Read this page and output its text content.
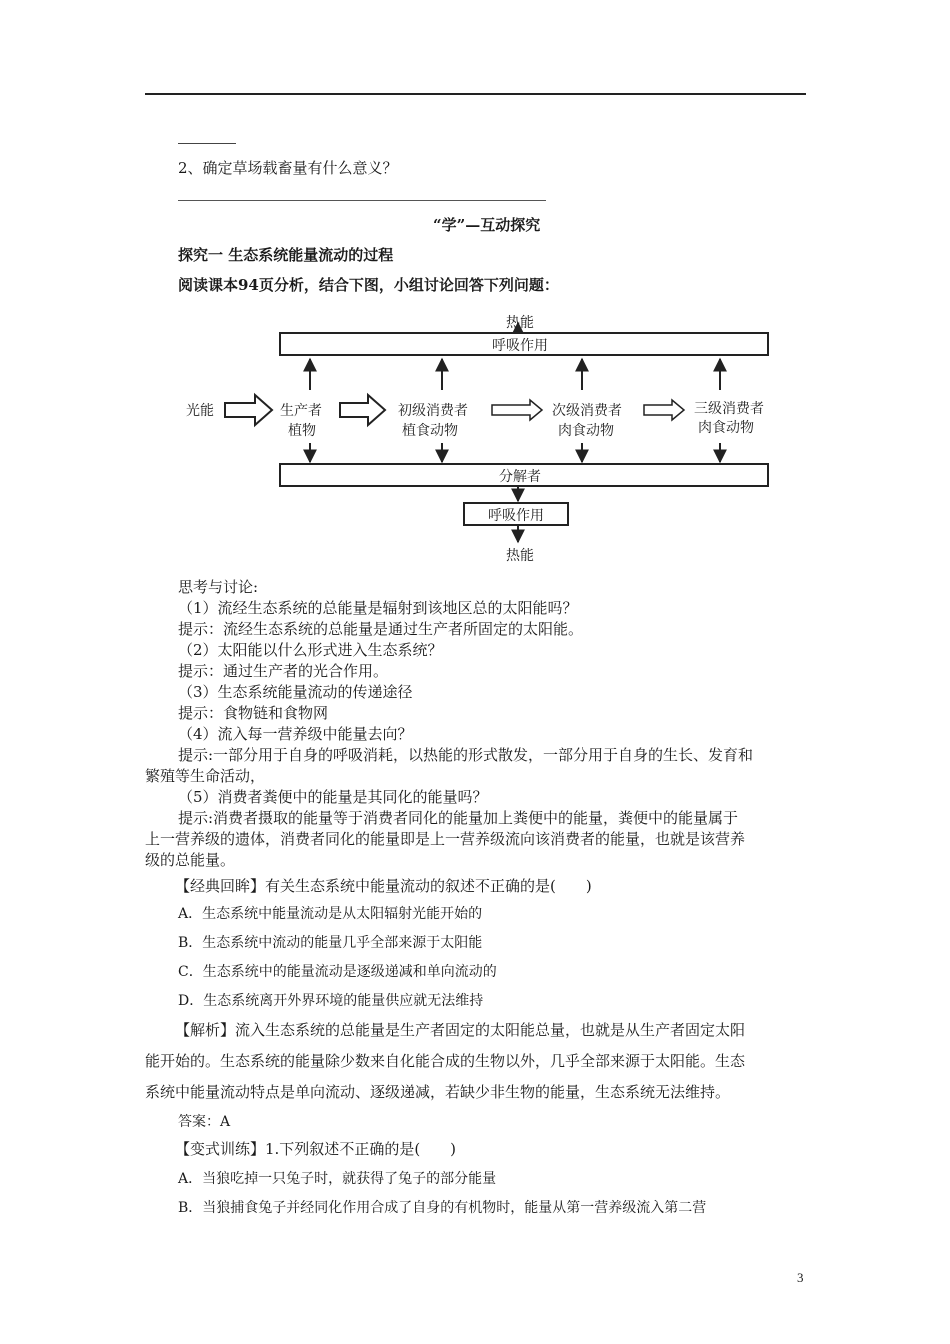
2、确定草场载畜量有什么意义？
“学”—互动探究
探究一 生态系统能量流动的过程
阅读课本94页分析，结合下图，小组讨论回答下列问题：
热能
呼吸作用
光能	生产者
植物
初级消费者
植食动物
次级消费者
肉食动物
三级消费者
肉食动物
分解者
呼吸作用
热能
思考与讨论:
（1）流经生态系统的总能量是辐射到该地区总的太阳能吗？
提示：流经生态系统的总能量是通过生产者所固定的太阳能。
（2）太阳能以什么形式进入生态系统？
提示：通过生产者的光合作用。
（3）生态系统能量流动的传递途径
提示：食物链和食物网
（4）流入每一营养级中能量去向？
提示:一部分用于自身的呼吸消耗，以热能的形式散发，一部分用于自身的生长、发育和
繁殖等生命活动，
（5）消费者粪便中的能量是其同化的能量吗？
提示:消费者摄取的能量等于消费者同化的能量加上粪便中的能量，粪便中的能量属于
上一营养级的遗体，消费者同化的能量即是上一营养级流向该消费者的能量，也就是该营养
级的总能量。
【经典回眸】有关生态系统中能量流动的叙述不正确的是(　　)
A．生态系统中能量流动是从太阳辐射光能开始的
B．生态系统中流动的能量几乎全部来源于太阳能
C．生态系统中的能量流动是逐级递减和单向流动的
D．生态系统离开外界环境的能量供应就无法维持
【解析】流入生态系统的总能量是生产者固定的太阳能总量，也就是从生产者固定太阳
能开始的。生态系统的能量除少数来自化能合成的生物以外，几乎全部来源于太阳能。生态
系统中能量流动特点是单向流动、逐级递减，若缺少非生物的能量，生态系统无法维持。
答案：A
【变式训练】1.下列叙述不正确的是(　　)
A．当狼吃掉一只兔子时，就获得了兔子的部分能量
B．当狼捕食兔子并经同化作用合成了自身的有机物时，能量从第一营养级流入第二营
3
